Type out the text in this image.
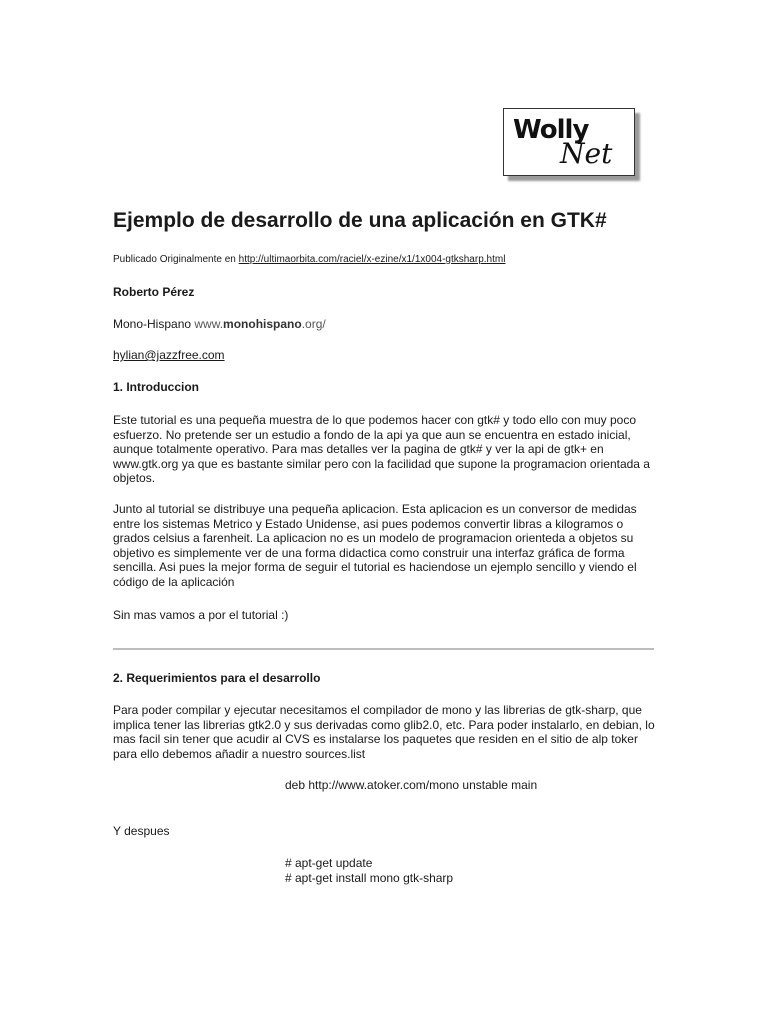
Wolly
Net
Ejemplo de desarrollo de una aplicación en GTK#
Publicado Originalmente en http://ultimaorbita.com/raciel/x-ezine/x1/1x004-gtksharp.html
Roberto Pérez
Mono-Hispano www.monohispano.org/
hylian@jazzfree.com
1. Introduccion

Este tutorial es una pequeña muestra de lo que podemos hacer con gtk# y todo ello con muy poco esfuerzo. No pretende ser un estudio a fondo de la api ya que aun se encuentra en estado inicial, aunque totalmente operativo. Para mas detalles ver la pagina de gtk# y ver la api de gtk+ en www.gtk.org ya que es bastante similar pero con la facilidad que supone la programacion orientada a objetos.

Junto al tutorial se distribuye una pequeña aplicacion. Esta aplicacion es un conversor de medidas entre los sistemas Metrico y Estado Unidense, asi pues podemos convertir libras a kilogramos o grados celsius a farenheit. La aplicacion no es un modelo de programacion orienteda a objetos su objetivo es simplemente ver de una forma didactica como construir una interfaz gráfica de forma sencilla. Asi pues la mejor forma de seguir el tutorial es haciendose un ejemplo sencillo y viendo el código de la aplicación

Sin mas vamos a por el tutorial :)

2. Requerimientos para el desarrollo

Para poder compilar y ejecutar necesitamos el compilador de mono y las librerias de gtk-sharp, que implica tener las librerias gtk2.0 y sus derivadas como glib2.0, etc. Para poder instalarlo, en debian, lo mas facil sin tener que acudir al CVS es instalarse los paquetes que residen en el sitio de alp toker para ello debemos añadir a nuestro sources.list

deb http://www.atoker.com/mono unstable main

Y despues

# apt-get update
# apt-get install mono gtk-sharp
